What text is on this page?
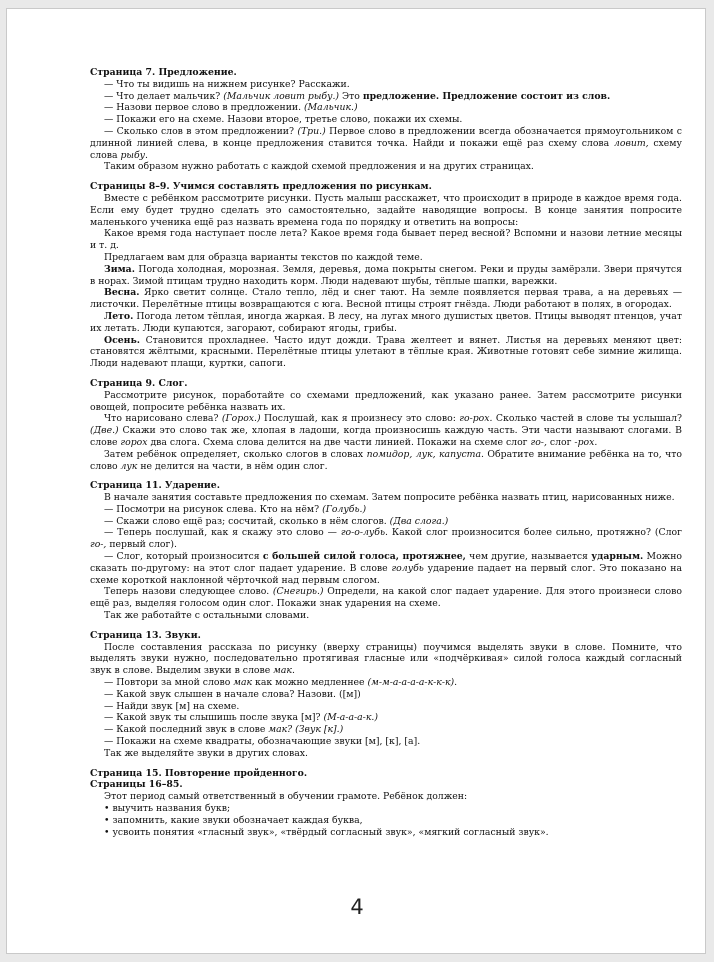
Страница 7. Предложение.

— Что ты видишь на нижнем рисунке? Расскажи.

— Что делает мальчик? (Мальчик ловит рыбу.) Это предложение. Предложение состоит из слов.

— Назови первое слово в предложении. (Мальчик.)

— Покажи его на схеме. Назови второе, третье слово, покажи их схемы.

— Сколько слов в этом предложении? (Три.) Первое слово в предложении всегда обозначается прямоугольником с длинной линией слева, в конце предложения ставится точка. Найди и покажи ещё раз схему слова ловит, схему слова рыбу.

Таким образом нужно работать с каждой схемой предложения и на других страницах.

Страницы 8–9. Учимся составлять предложения по рисункам.

Вместе с ребёнком рассмотрите рисунки. Пусть малыш расскажет, что происходит в природе в каждое время года. Если ему будет трудно сделать это самостоятельно, задайте наводящие вопросы. В конце занятия попросите маленького ученика ещё раз назвать времена года по порядку и ответить на вопросы:

Какое время года наступает после лета? Какое время года бывает перед весной? Вспомни и назови летние месяцы и т. д.

Предлагаем вам для образца варианты текстов по каждой теме.

Зима. Погода холодная, морозная. Земля, деревья, дома покрыты снегом. Реки и пруды замёрзли. Звери прячутся в норах. Зимой птицам трудно находить корм. Люди надевают шубы, тёплые шапки, варежки.

Весна. Ярко светит солнце. Стало тепло, лёд и снег тают. На земле появляется первая трава, а на деревьях — листочки. Перелётные птицы возвращаются с юга. Весной птицы строят гнёзда. Люди работают в полях, в огородах.

Лето. Погода летом тёплая, иногда жаркая. В лесу, на лугах много душистых цветов. Птицы выводят птенцов, учат их летать. Люди купаются, загорают, собирают ягоды, грибы.

Осень. Становится прохладнее. Часто идут дожди. Трава желтеет и вянет. Листья на деревьях меняют цвет: становятся жёлтыми, красными. Перелётные птицы улетают в тёплые края. Животные готовят себе зимние жилища. Люди надевают плащи, куртки, сапоги.

Страница 9. Слог.

Рассмотрите рисунок, поработайте со схемами предложений, как указано ранее. Затем рассмотрите рисунки овощей, попросите ребёнка назвать их.

Что нарисовано слева? (Горох.) Послушай, как я произнесу это слово: го-рох. Сколько частей в слове ты услышал? (Две.) Скажи это слово так же, хлопая в ладоши, когда произносишь каждую часть. Эти части называют слогами. В слове горох два слога. Схема слова делится на две части линией. Покажи на схеме слог го-, слог -рох.

Затем ребёнок определяет, сколько слогов в словах помидор, лук, капуста. Обратите внимание ребёнка на то, что слово лук не делится на части, в нём один слог.

Страница 11. Ударение.

В начале занятия составьте предложения по схемам. Затем попросите ребёнка назвать птиц, нарисованных ниже.

— Посмотри на рисунок слева. Кто на нём? (Голубь.)

— Скажи слово ещё раз; сосчитай, сколько в нём слогов. (Два слога.)

— Теперь послушай, как я скажу это слово — го-о-лубь. Какой слог произносится более сильно, протяжно? (Слог го-, первый слог).

— Слог, который произносится с большей силой голоса, протяжнее, чем другие, называется ударным. Можно сказать по-другому: на этот слог падает ударение. В слове голубь ударение падает на первый слог. Это показано на схеме короткой наклонной чёрточкой над первым слогом.

Теперь назови следующее слово. (Снегирь.) Определи, на какой слог падает ударение. Для этого произнеси слово ещё раз, выделяя голосом один слог. Покажи знак ударения на схеме.

Так же работайте с остальными словами.

Страница 13. Звуки.

После составления рассказа по рисунку (вверху страницы) поучимся выделять звуки в слове. Помните, что выделять звуки нужно, последовательно протягивая гласные или «подчёркивая» силой голоса каждый согласный звук в слове. Выделим звуки в слове мак.

— Повтори за мной слово мак как можно медленнее (м-м-а-а-а-а-к-к-к).

— Какой звук слышен в начале слова? Назови. ([м])

— Найди звук [м] на схеме.

— Какой звук ты слышишь после звука [м]? (М-а-а-а-к.)

— Какой последний звук в слове мак? (Звук [к].)

— Покажи на схеме квадраты, обозначающие звуки [м], [к], [а].

Так же выделяйте звуки в других словах.

Страница 15. Повторение пройденного.

Страницы 16–85.

Этот период самый ответственный в обучении грамоте. Ребёнок должен:

• выучить названия букв;

• запомнить, какие звуки обозначает каждая буква,

• усвоить понятия «гласный звук», «твёрдый согласный звук», «мягкий согласный звук».

4
